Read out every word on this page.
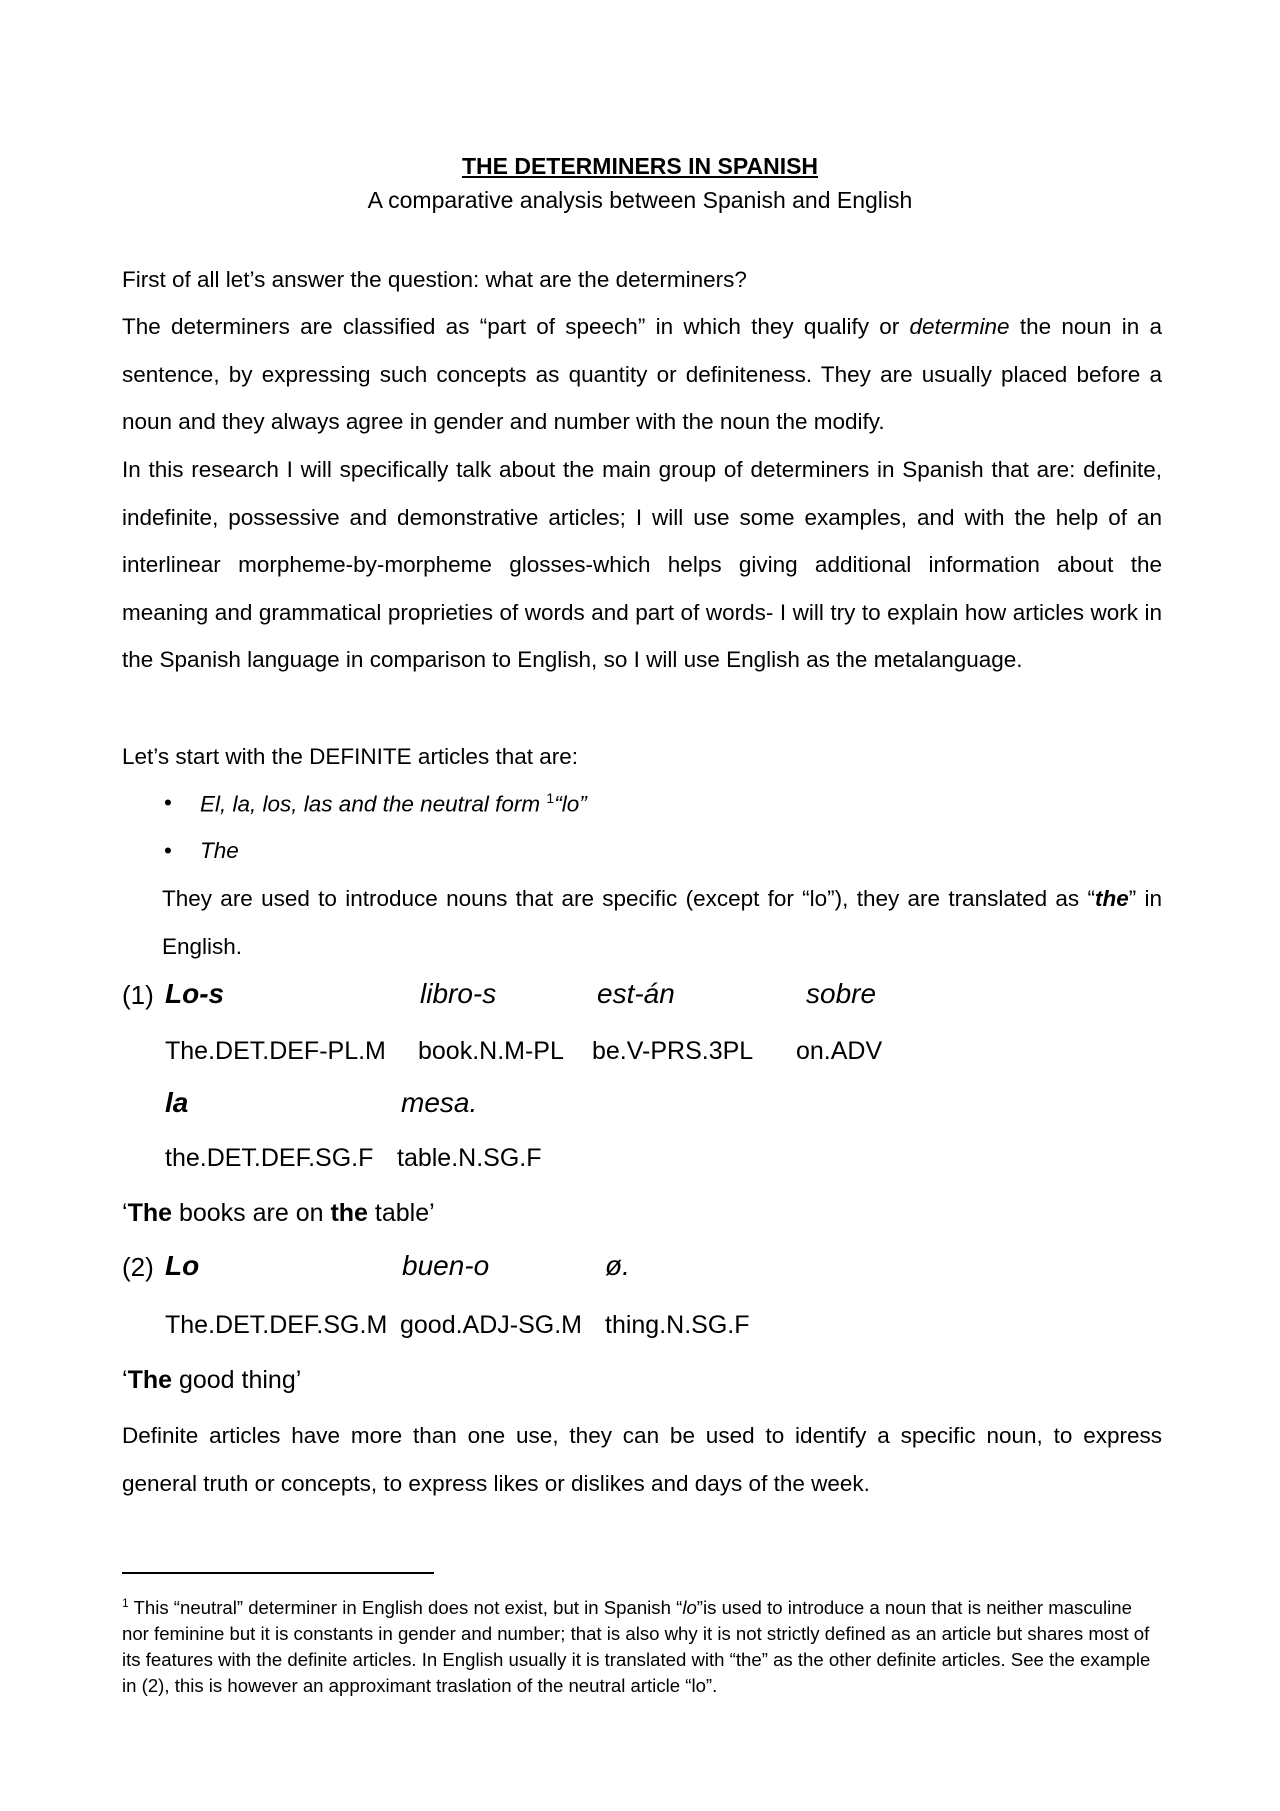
THE DETERMINERS IN SPANISH
A comparative analysis between Spanish and English
First of all let’s answer the question: what are the determiners?
The determiners are classified as “part of speech” in which they qualify or determine the noun in a sentence, by expressing such concepts as quantity or definiteness. They are usually placed before a noun and they always agree in gender and number with the noun the modify.
In this research I will specifically talk about the main group of determiners in Spanish that are: definite, indefinite, possessive and demonstrative articles; I will use some examples, and with the help of an interlinear morpheme-by-morpheme glosses-which helps giving additional information about the meaning and grammatical proprieties of words and part of words- I will try to explain how articles work in the Spanish language in comparison to English, so I will use English as the metalanguage.
Let’s start with the DEFINITE articles that are:
• El, la, los, las and the neutral form $^1$“lo”
• The
They are used to introduce nouns that are specific (except for “lo”), they are translated as “the” in English.
(1) Lo-s	libro-s	est-án	sobre
The.DET.DEF-PL.M book.N.M-PL be.V-PRS.3PL on.ADV
la	mesa.
the.DET.DEF.SG.F table.N.SG.F
‘The books are on the table’
(2) Lo	buen-o	ø.
The.DET.DEF.SG.M good.ADJ-SG.M thing.N.SG.F
‘The good thing’
Definite articles have more than one use, they can be used to identify a specific noun, to express general truth or concepts, to express likes or dislikes and days of the week.
$^1$ This “neutral” determiner in English does not exist, but in Spanish “lo”is used to introduce a noun that is neither masculine nor feminine but it is constants in gender and number; that is also why it is not strictly defined as an article but shares most of its features with the definite articles. In English usually it is translated with “the” as the other definite articles. See the example in (2), this is however an approximant traslation of the neutral article “lo”.
